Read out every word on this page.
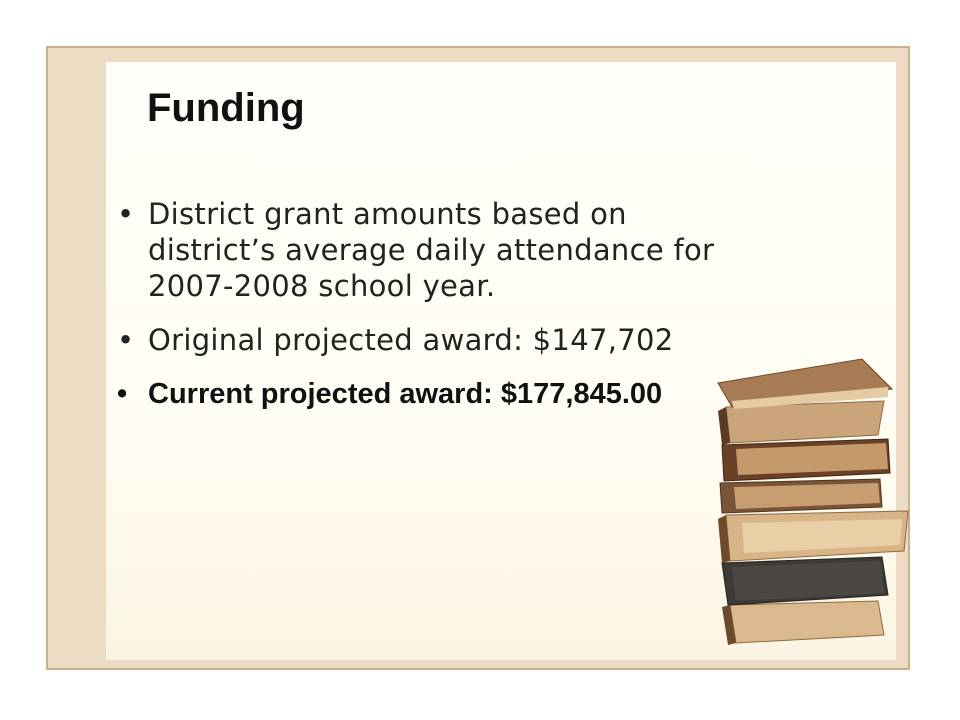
Funding
• District grant amounts based on district’s average daily attendance for 2007-2008 school year.
• Original projected award: $147,702
• Current projected award: $177,845.00
